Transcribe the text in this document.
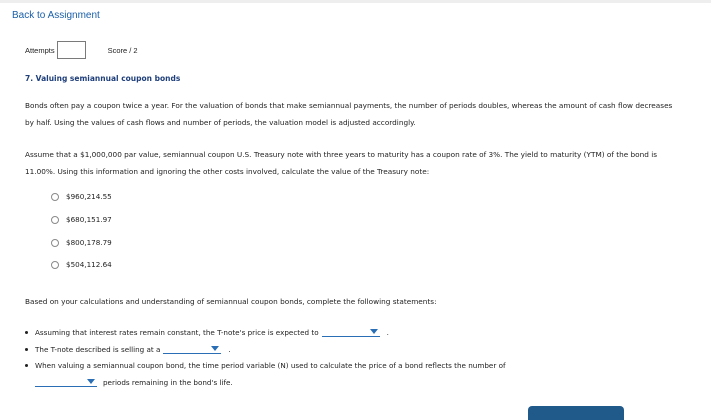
Back to Assignment
Attempts	Score / 2
7. Valuing semiannual coupon bonds
Bonds often pay a coupon twice a year. For the valuation of bonds that make semiannual payments, the number of periods doubles, whereas the amount of cash flow decreases by half. Using the values of cash flows and number of periods, the valuation model is adjusted accordingly.
Assume that a $1,000,000 par value, semiannual coupon U.S. Treasury note with three years to maturity has a coupon rate of 3%. The yield to maturity (YTM) of the bond is 11.00%. Using this information and ignoring the other costs involved, calculate the value of the Treasury note:
$960,214.55
$680,151.97
$800,178.79
$504,112.64
Based on your calculations and understanding of semiannual coupon bonds, complete the following statements:
Assuming that interest rates remain constant, the T-note's price is expected to	.
The T-note described is selling at a	.
When valuing a semiannual coupon bond, the time period variable (N) used to calculate the price of a bond reflects the number of
periods remaining in the bond's life.
